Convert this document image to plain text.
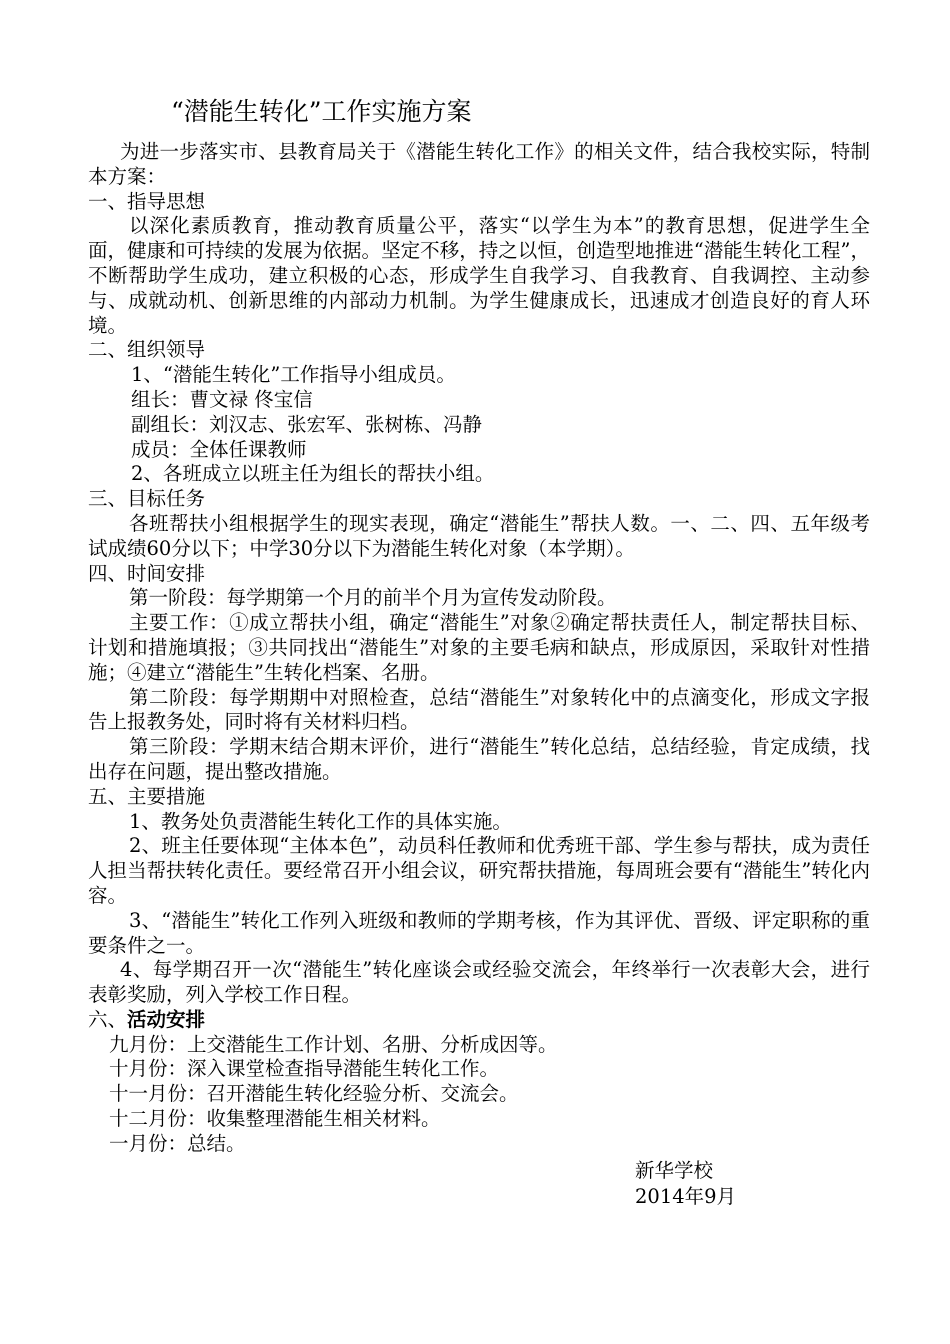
“潜能生转化”工作实施方案

为进一步落实市、县教育局关于《潜能生转化工作》的相关文件，结合我校实际，特制本方案：

一、指导思想

以深化素质教育，推动教育质量公平，落实“以学生为本”的教育思想，促进学生全面，健康和可持续的发展为依据。坚定不移，持之以恒，创造型地推进“潜能生转化工程”，不断帮助学生成功，建立积极的心态，形成学生自我学习、自我教育、自我调控、主动参与、成就动机、创新思维的内部动力机制。为学生健康成长，迅速成才创造良好的育人环境。

二、组织领导

1、“潜能生转化”工作指导小组成员。

组长：曹文禄 佟宝信

副组长：刘汉志、张宏军、张树栋、冯静

成员：全体任课教师

2、各班成立以班主任为组长的帮扶小组。

三、目标任务

各班帮扶小组根据学生的现实表现，确定“潜能生”帮扶人数。一、二、四、五年级考试成绩60分以下；中学30分以下为潜能生转化对象（本学期）。

四、时间安排

第一阶段：每学期第一个月的前半个月为宣传发动阶段。

主要工作：①成立帮扶小组，确定“潜能生”对象②确定帮扶责任人，制定帮扶目标、计划和措施填报；③共同找出“潜能生”对象的主要毛病和缺点，形成原因，采取针对性措施；④建立“潜能生”生转化档案、名册。

第二阶段：每学期期中对照检查，总结“潜能生”对象转化中的点滴变化，形成文字报告上报教务处，同时将有关材料归档。

第三阶段：学期末结合期末评价，进行“潜能生”转化总结，总结经验，肯定成绩，找出存在问题，提出整改措施。

五、主要措施

1、教务处负责潜能生转化工作的具体实施。

2、班主任要体现“主体本色”，动员科任教师和优秀班干部、学生参与帮扶，成为责任人担当帮扶转化责任。要经常召开小组会议，研究帮扶措施，每周班会要有“潜能生”转化内容。

3、“潜能生”转化工作列入班级和教师的学期考核，作为其评优、晋级、评定职称的重要条件之一。

4、每学期召开一次“潜能生”转化座谈会或经验交流会，年终举行一次表彰大会，进行表彰奖励，列入学校工作日程。

六、活动安排

九月份：上交潜能生工作计划、名册、分析成因等。

十月份：深入课堂检查指导潜能生转化工作。

十一月份：召开潜能生转化经验分析、交流会。

十二月份：收集整理潜能生相关材料。

一月份：总结。

新华学校
2014年9月
